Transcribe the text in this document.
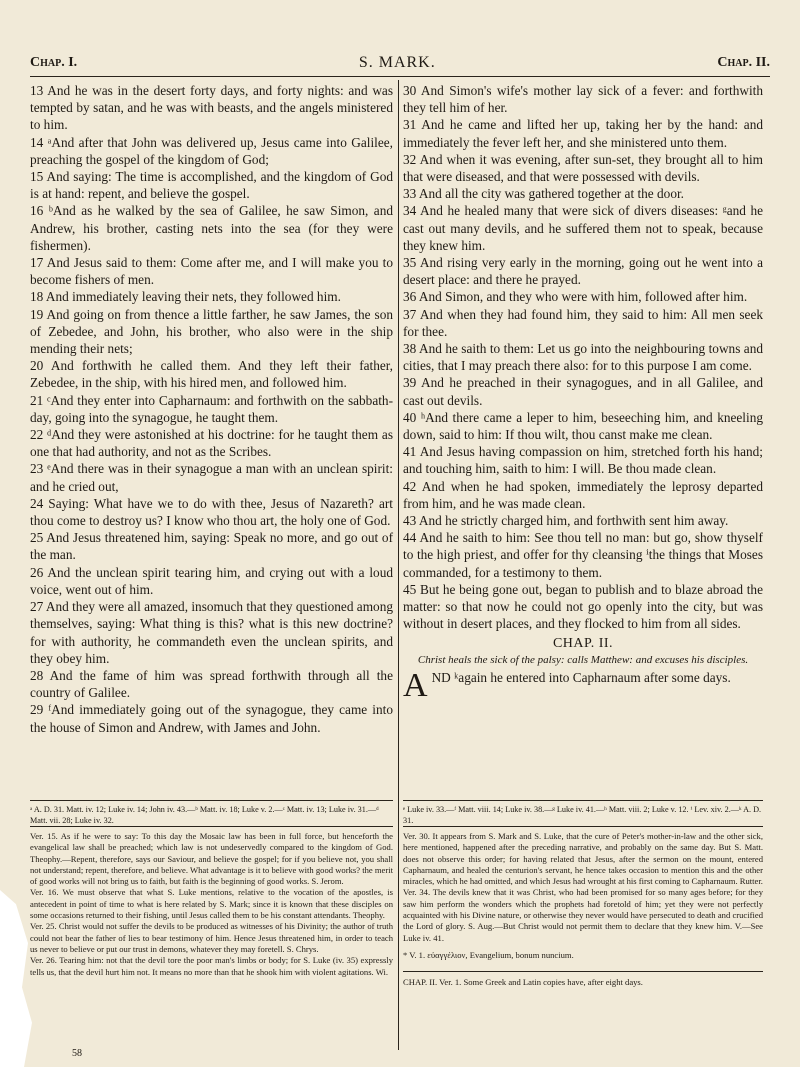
Chap. I.	S. MARK.	Chap. II.

13 And he was in the desert forty days, and forty nights: and was tempted by satan, and he was with beasts, and the angels ministered to him.

14 ᵃAnd after that John was delivered up, Jesus came into Galilee, preaching the gospel of the kingdom of God;

15 And saying: The time is accomplished, and the kingdom of God is at hand: repent, and believe the gospel.

16 ᵇAnd as he walked by the sea of Galilee, he saw Simon, and Andrew, his brother, casting nets into the sea (for they were fishermen).

17 And Jesus said to them: Come after me, and I will make you to become fishers of men.

18 And immediately leaving their nets, they followed him.

19 And going on from thence a little farther, he saw James, the son of Zebedee, and John, his brother, who also were in the ship mending their nets;

20 And forthwith he called them. And they left their father, Zebedee, in the ship, with his hired men, and followed him.

21 ᶜAnd they enter into Capharnaum: and forthwith on the sabbath-day, going into the synagogue, he taught them.

22 ᵈAnd they were astonished at his doctrine: for he taught them as one that had authority, and not as the Scribes.

23 ᵉAnd there was in their synagogue a man with an unclean spirit: and he cried out,

24 Saying: What have we to do with thee, Jesus of Nazareth? art thou come to destroy us? I know who thou art, the holy one of God.

25 And Jesus threatened him, saying: Speak no more, and go out of the man.

26 And the unclean spirit tearing him, and crying out with a loud voice, went out of him.

27 And they were all amazed, insomuch that they questioned among themselves, saying: What thing is this? what is this new doctrine? for with authority, he commandeth even the unclean spirits, and they obey him.

28 And the fame of him was spread forthwith through all the country of Galilee.

29 ᶠAnd immediately going out of the synagogue, they came into the house of Simon and Andrew, with James and John.

30 And Simon's wife's mother lay sick of a fever: and forthwith they tell him of her.

31 And he came and lifted her up, taking her by the hand: and immediately the fever left her, and she ministered unto them.

32 And when it was evening, after sun-set, they brought all to him that were diseased, and that were possessed with devils.

33 And all the city was gathered together at the door.

34 And he healed many that were sick of divers diseases: ᵍand he cast out many devils, and he suffered them not to speak, because they knew him.

35 And rising very early in the morning, going out he went into a desert place: and there he prayed.

36 And Simon, and they who were with him, followed after him.

37 And when they had found him, they said to him: All men seek for thee.

38 And he saith to them: Let us go into the neighbouring towns and cities, that I may preach there also: for to this purpose I am come.

39 And he preached in their synagogues, and in all Galilee, and cast out devils.

40 ʰAnd there came a leper to him, beseeching him, and kneeling down, said to him: If thou wilt, thou canst make me clean.

41 And Jesus having compassion on him, stretched forth his hand; and touching him, saith to him: I will. Be thou made clean.

42 And when he had spoken, immediately the leprosy departed from him, and he was made clean.

43 And he strictly charged him, and forthwith sent him away.

44 And he saith to him: See thou tell no man: but go, show thyself to the high priest, and offer for thy cleansing ⁱthe things that Moses commanded, for a testimony to them.

45 But he being gone out, began to publish and to blaze abroad the matter: so that now he could not go openly into the city, but was without in desert places, and they flocked to him from all sides.

CHAP. II.
Christ heals the sick of the palsy: calls Matthew: and excuses his disciples.

A ND ᵏagain he entered into Capharnaum after some days.

ᵃ A. D. 31. Matt. iv. 12; Luke iv. 14; John iv. 43.—ᵇ Matt. iv. 18; Luke v. 2.—ᶜ Matt. iv. 13; Luke iv. 31.—ᵈ Matt. vii. 28; Luke iv. 32.
ᵉ Luke iv. 33.—ᶠ Matt. viii. 14; Luke iv. 38.—ᵍ Luke iv. 41.—ʰ Matt. viii. 2; Luke v. 12. ⁱ Lev. xiv. 2.—ᵏ A. D. 31.

Ver. 15. As if he were to say: To this day the Mosaic law has been in full force, but henceforth the evangelical law shall be preached; which law is not undeservedly compared to the kingdom of God. Theophy.—Repent, therefore, says our Saviour, and believe the gospel; for if you believe not, you shall not understand; repent, therefore, and believe. What advantage is it to believe with good works? the merit of good works will not bring us to faith, but faith is the beginning of good works. S. Jerom.

Ver. 16. We must observe that what S. Luke mentions, relative to the vocation of the apostles, is antecedent in point of time to what is here related by S. Mark; since it is known that these disciples on some occasions returned to their fishing, until Jesus called them to be his constant attendants. Theophy.

Ver. 25. Christ would not suffer the devils to be produced as witnesses of his Divinity; the author of truth could not bear the father of lies to bear testimony of him. Hence Jesus threatened him, in order to teach us never to believe or put our trust in demons, whatever they may foretell. S. Chrys.

Ver. 26. Tearing him: not that the devil tore the poor man's limbs or body; for S. Luke (iv. 35) expressly tells us, that the devil hurt him not. It means no more than that he shook him with violent agitations. Wi.

Ver. 30. It appears from S. Mark and S. Luke, that the cure of Peter's mother-in-law and the other sick, here mentioned, happened after the preceding narrative, and probably on the same day. But S. Matt. does not observe this order; for having related that Jesus, after the sermon on the mount, entered Capharnaum, and healed the centurion's servant, he hence takes occasion to mention this and the other miracles, which he had omitted, and which Jesus had wrought at his first coming to Capharnaum. Rutter.

Ver. 34. The devils knew that it was Christ, who had been promised for so many ages before; for they saw him perform the wonders which the prophets had foretold of him; yet they were not perfectly acquainted with his Divine nature, or otherwise they never would have persecuted to death and crucified the Lord of glory. S. Aug.—But Christ would not permit them to declare that they knew him. V.—See Luke iv. 41.

* V. 1. εὐαγγέλιον, Evangelium, bonum nuncium.

CHAP. II. Ver. 1. Some Greek and Latin copies have, after eight days.

58
